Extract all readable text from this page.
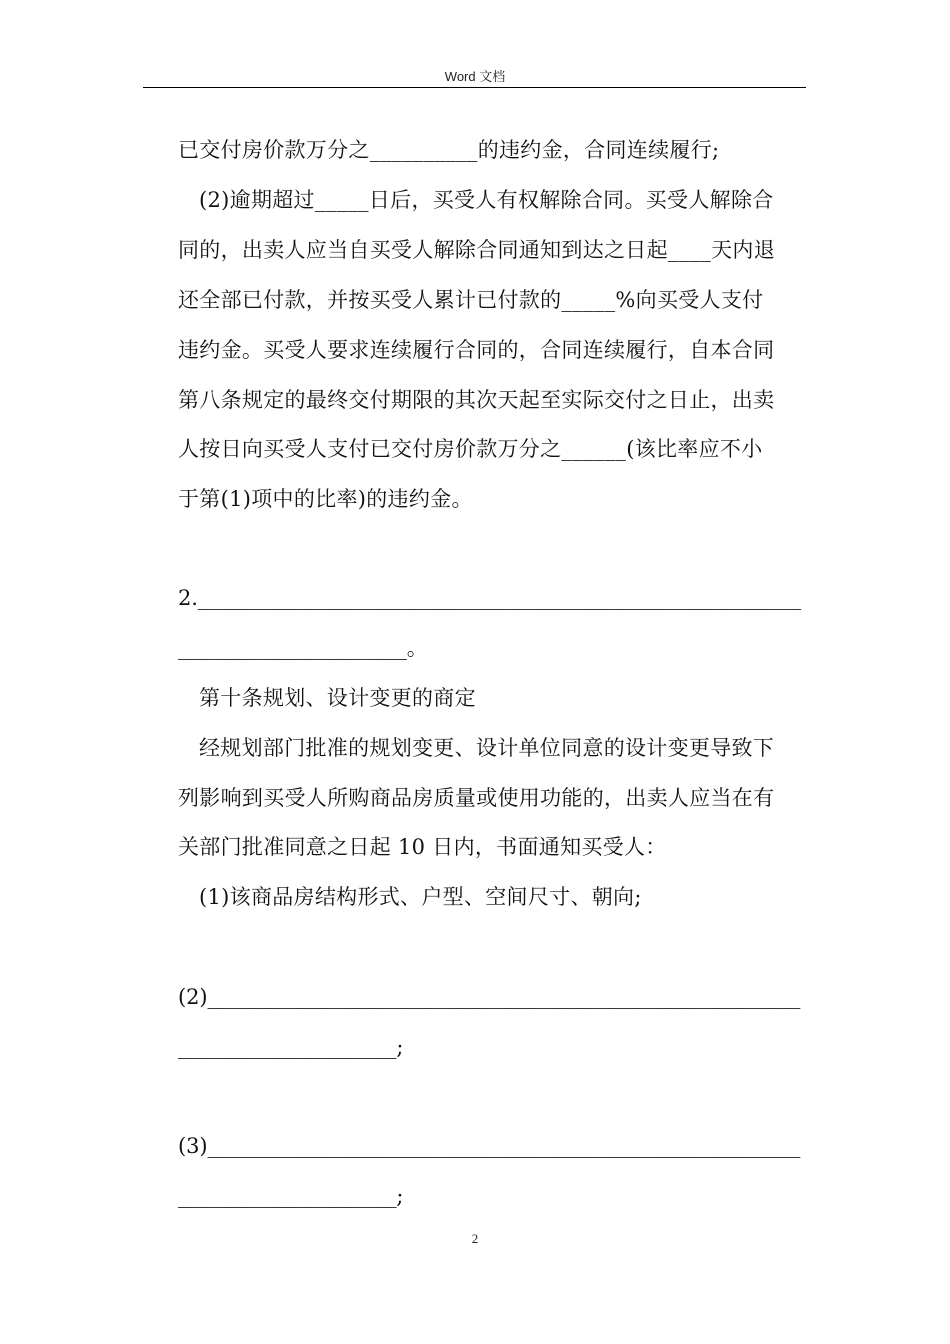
Word 文档
已交付房价款万分之__________的违约金，合同连续履行;
(2)逾期超过_____日后，买受人有权解除合同。买受人解除合
同的，出卖人应当自买受人解除合同通知到达之日起____天内退
还全部已付款，并按买受人累计已付款的_____%向买受人支付
违约金。买受人要求连续履行合同的，合同连续履行，自本合同
第八条规定的最终交付期限的其次天起至实际交付之日止，出卖
人按日向买受人支付已交付房价款万分之______(该比率应不小
于第(1)项中的比率)的违约金。
2.__________________________________________________________
______________________。
第十条规划、设计变更的商定
经规划部门批准的规划变更、设计单位同意的设计变更导致下
列影响到买受人所购商品房质量或使用功能的，出卖人应当在有
关部门批准同意之日起 10 日内，书面通知买受人：
(1)该商品房结构形式、户型、空间尺寸、朝向;
(2)_________________________________________________________
_____________________;
(3)_________________________________________________________
_____________________;
2
